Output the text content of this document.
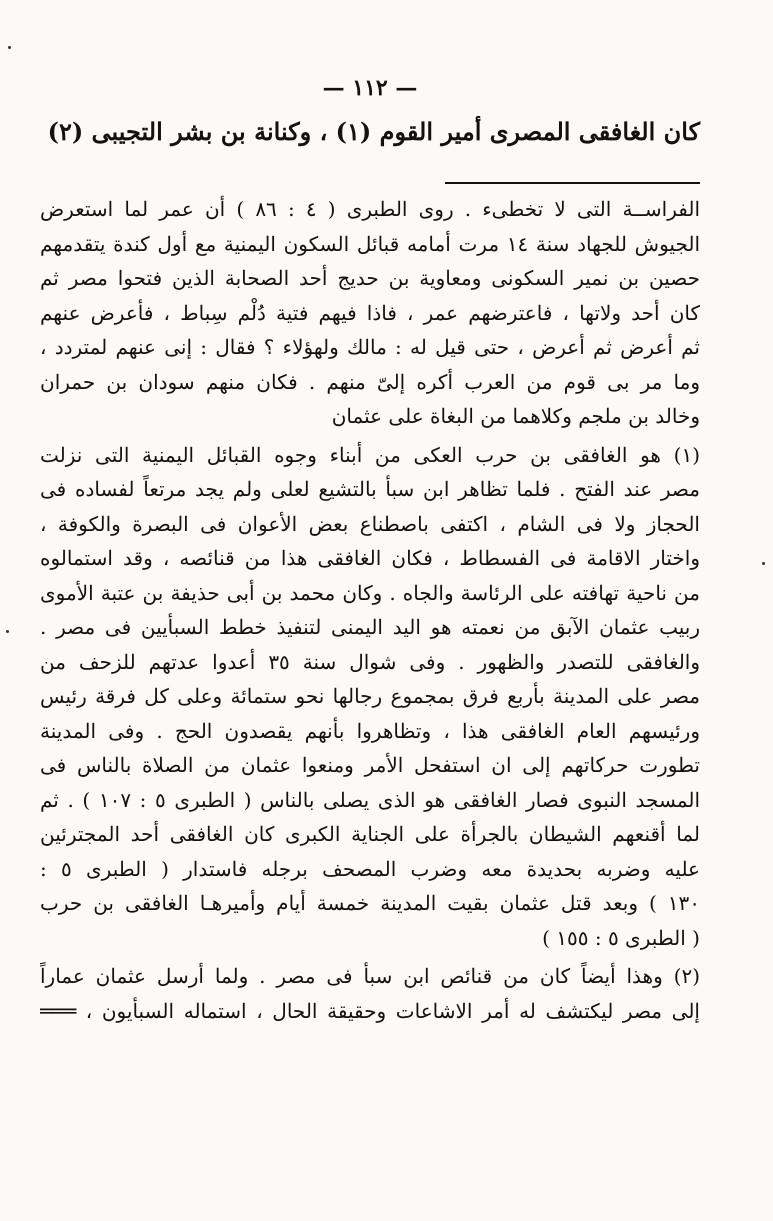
— ١١٢ —
كان الغافقى المصرى أمير القوم (١) ، وكنانة بن بشر التجيبى (٢)

الفراســة التى لا تخطىء . روى الطبرى ( ٤ : ٨٦ ) أن عمر لما استعرض

الجيوش للجهاد سنة ١٤ مرت أمامه قبائل السكون اليمنية مع أول كندة يتقدمهم

حصين بن نمير السكونى ومعاوية بن حديج أحد الصحابة الذين فتحوا مصر ثم

كان أحد ولاتها ، فاعترضهم عمر ، فاذا فيهم فتية دُلْم سِباط ، فأعرض عنهم

ثم أعرض ثم أعرض ، حتى قيل له : مالك ولهؤلاء ؟ فقال : إنى عنهم لمتردد ،

وما مر بى قوم من العرب أكره إلىّ منهم . فكان منهم سودان بن حمران

وخالد بن ملجم وكلاهما من البغاة على عثمان

(١) هو الغافقى بن حرب العكى من أبناء وجوه القبائل اليمنية التى نزلت

مصر عند الفتح . فلما تظاهر ابن سبأ بالتشيع لعلى ولم يجد مرتعاً لفساده فى

الحجاز ولا فى الشام ، اكتفى باصطناع بعض الأعوان فى البصرة والكوفة ،

واختار الاقامة فى الفسطاط ، فكان الغافقى هذا من قنائصه ، وقد استمالوه

من ناحية تهافته على الرئاسة والجاه . وكان محمد بن أبى حذيفة بن عتبة الأموى

ربيب عثمان الآبق من نعمته هو اليد اليمنى لتنفيذ خطط السبأيين فى مصر .

والغافقى للتصدر والظهور . وفى شوال سنة ٣٥ أعدوا عدتهم للزحف من

مصر على المدينة بأربع فرق بمجموع رجالها نحو ستمائة وعلى كل فرقة رئيس

ورئيسهم العام الغافقى هذا ، وتظاهروا بأنهم يقصدون الحج . وفى المدينة

تطورت حركاتهم إلى ان استفحل الأمر ومنعوا عثمان من الصلاة بالناس فى

المسجد النبوى فصار الغافقى هو الذى يصلى بالناس ( الطبرى ٥ : ١٠٧ ) . ثم

لما أقنعهم الشيطان بالجرأة على الجناية الكبرى كان الغافقى أحد المجترئين

عليه وضربه بحديدة معه وضرب المصحف برجله فاستدار ( الطبرى ٥ :

١٣٠ ) وبعد قتل عثمان بقيت المدينة خمسة أيام وأميرهـا الغافقى بن حرب

( الطبرى ٥ : ١٥٥ )

(٢) وهذا أيضاً كان من قنائص ابن سبأ فى مصر . ولما أرسل عثمان عماراً

إلى مصر ليكتشف له أمر الاشاعات وحقيقة الحال ، استماله السبأيون ، ═══
